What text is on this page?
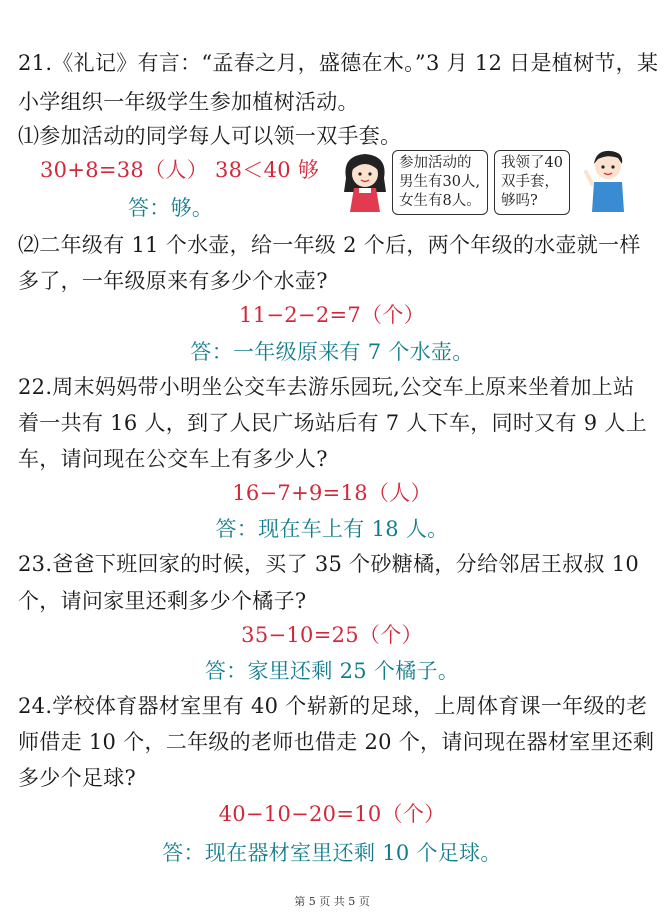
21.《礼记》有言：“孟春之月，盛德在木。”3 月 12 日是植树节，某
小学组织一年级学生参加植树活动。
⑴参加活动的同学每人可以领一双手套。
30+8=38（人） 38＜40 够
答：够。
参加活动的
男生有30人,
女生有8人。
我领了40
双手套，
够吗?
⑵二年级有 11 个水壶，给一年级 2 个后，两个年级的水壶就一样
多了，一年级原来有多少个水壶?
11−2−2=7（个）
答：一年级原来有 7 个水壶。
22.周末妈妈带小明坐公交车去游乐园玩,公交车上原来坐着加上站
着一共有 16 人，到了人民广场站后有 7 人下车，同时又有 9 人上
车，请问现在公交车上有多少人?
16−7+9=18（人）
答：现在车上有 18 人。
23.爸爸下班回家的时候，买了 35 个砂糖橘，分给邻居王叔叔 10
个，请问家里还剩多少个橘子?
35−10=25（个）
答：家里还剩 25 个橘子。
24.学校体育器材室里有 40 个崭新的足球，上周体育课一年级的老
师借走 10 个，二年级的老师也借走 20 个，请问现在器材室里还剩
多少个足球?
40−10−20=10（个）
答：现在器材室里还剩 10 个足球。
第 5 页 共 5 页
